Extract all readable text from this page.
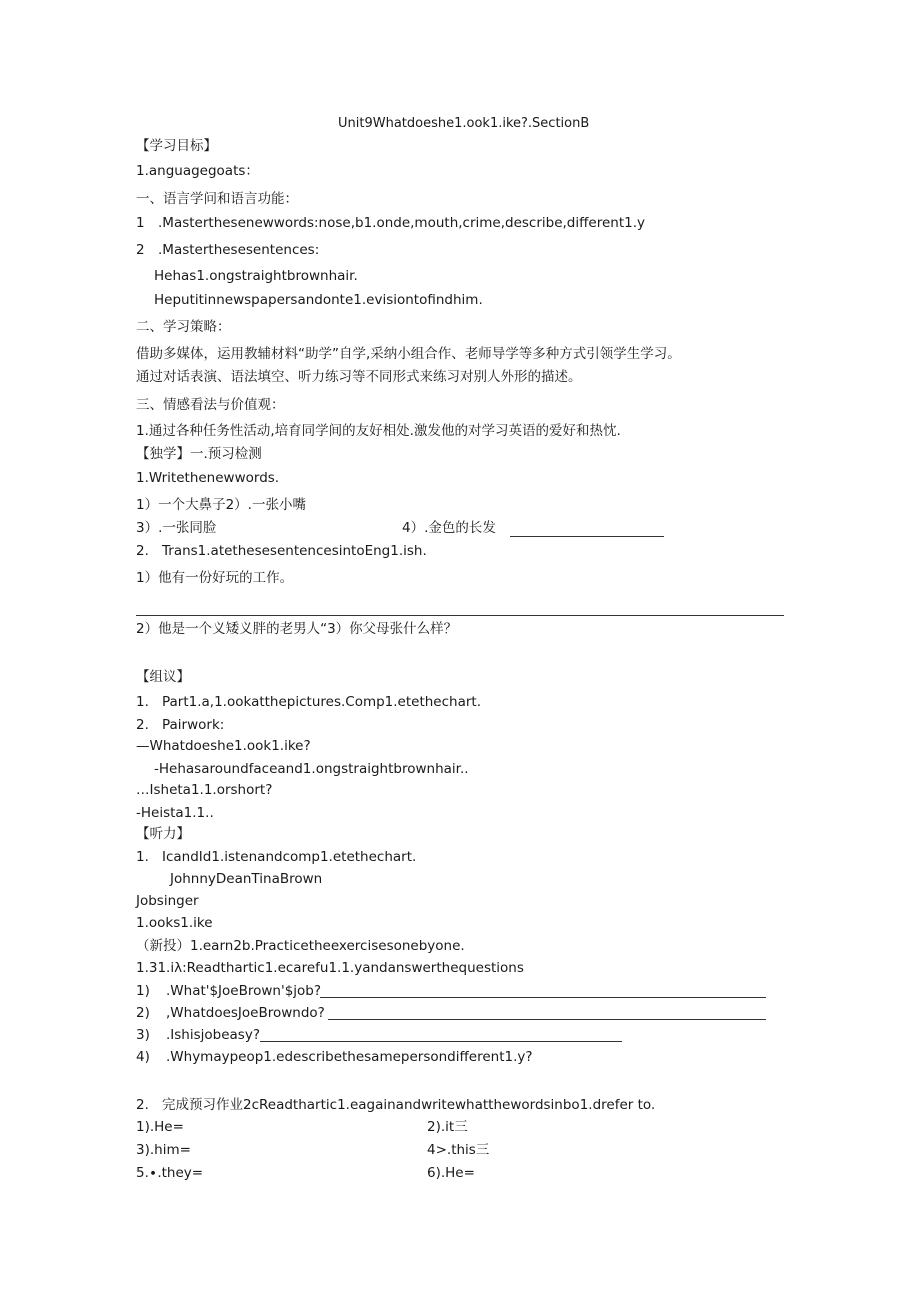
Unit9Whatdoeshe1.ook1.ike?.SectionB
【学习目标】
1.anguagegoats：
一、语言学问和语言功能：
1 .Masterthesenewwords:nose,b1.onde,mouth,crime,describe,different1.y
2 .Masterthesesentences:
Hehas1.ongstraightbrownhair.
Heputitinnewspapersandonte1.evisiontofindhim.
二、学习策略：
借助多媒体，运用教辅材料“助学”自学,采纳小组合作、老师导学等多种方式引领学生学习。
通过对话表演、语法填空、听力练习等不同形式来练习对别人外形的描述。
三、情感看法与价值观：
1.通过各种任务性活动,培育同学间的友好相处.激发他的对学习英语的爱好和热忱.
【独学】一.预习检测
1.Writethenewwords.
1）一个大鼻子2）.一张小嘴
3）.一张同脸	4）.金色的长发
2. Trans1.atethesesentencesintoEng1.ish.
1）他有一份好玩的工作。
2）他是一个义矮义胖的老男人“3）你父母张什么样？
【组议】
1. Part1.a,1.ookatthepictures.Comp1.etethechart.
2. Pairwork:
—Whatdoeshe1.ook1.ike?
-Hehasaroundfaceand1.ongstraightbrownhair..
…Isheta1.1.orshort?
-Heista1.1..
【听力】
1. IcandId1.istenandcomp1.etethechart.
JohnnyDeanTinaBrown
Jobsinger
1.ooks1.ike
（新投）1.earn2b.Practicetheexercisesonebyone.
1.31.iλ:Readthartic1.ecarefu1.1.yandanswerthequestions
1) .What'$JoeBrown'$job?
2) ,WhatdoesJoeBrowndo?
3) .Ishisjobeasy?
4) .Whymaypeop1.edescribethesamepersondifferent1.y?
2. 完成预习作业2cReadthartic1.eagainandwritewhatthewordsinbo1.drefer to.
1).He=	2).it三
3).him=	4>.this三
5.∙.they=	6).He=
